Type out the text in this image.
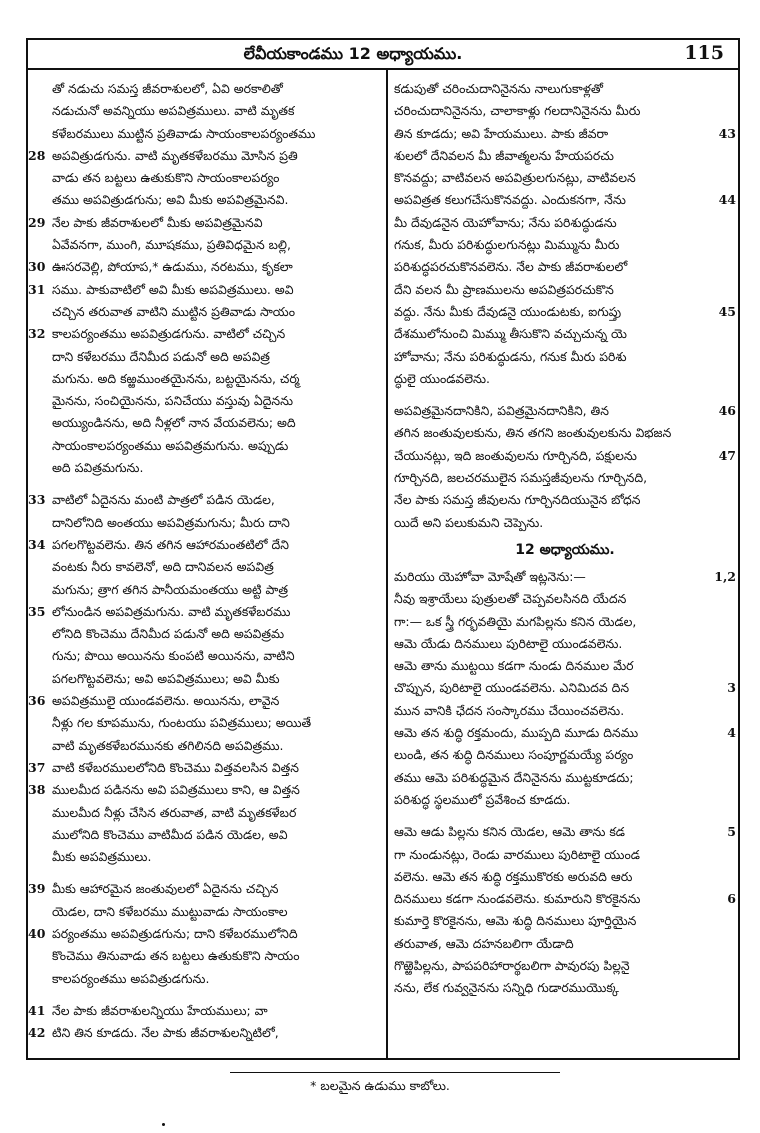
లేవీయకాండము 12 అధ్యాయము.	115
తో నడుచు సమస్త జీవరాశులలో, ఏవి అరకాలితో
నడుచునో అవన్నియు అపవిత్రములు. వాటి మృతక
కళేబరములు ముట్టిన ప్రతివాడు సాయంకాలపర్యంతము
28 అపవిత్రుడగును. వాటి మృతకళేబరము మోసిన ప్రతి
వాడు తన బట్టలు ఉతుకుకొని సాయంకాలపర్యం
తము అపవిత్రుడగును; అవి మీకు అపవిత్రమైనవి.
29 నేల పాకు జీవరాశులలో మీకు అపవిత్రమైనవి
ఏవేవనగా, ముంగి, మూషకము, ప్రతివిధమైన బల్లి,
30 ఊసరవెల్లి, పోయాప,* ఉడుము, నరటము, కృకలా
31 సము. పాకువాటిలో అవి మీకు అపవిత్రములు. అవి
చచ్చిన తరువాత వాటిని ముట్టిన ప్రతివాడు సాయం
32 కాలపర్యంతము అపవిత్రుడగును. వాటిలో చచ్చిన
దాని కళేబరము దేనిమీద పడునో అది అపవిత్ర
మగును. అది కఱ్ఱముంతయైనను, బట్టయైనను, చర్మ
మైనను, సంచియైనను, పనిచేయు వస్తువు ఏదైనను
అయ్యుండినను, అది నీళ్లలో నాన వేయవలెను; అది
సాయంకాలపర్యంతము అపవిత్రమగును. అప్పుడు
అది పవిత్రమగును.
33 వాటిలో ఏదైనను మంటి పాత్రలో పడిన యెడల,
దానిలోనిది అంతయు అపవిత్రమగును; మీరు దాని
34 పగలగొట్టవలెను. తిన తగిన ఆహారమంతటిలో దేని
వంటకు నీరు కావలెనో, అది దానివలన అపవిత్ర
మగును; త్రాగ తగిన పానీయమంతయు అట్టి పాత్ర
35 లోనుండిన అపవిత్రమగును. వాటి మృతకళేబరము
లోనిది కొంచెము దేనిమీద పడునో అది అపవిత్రమ
గును; పొయి అయినను కుంపటి అయినను, వాటిని
పగలగొట్టవలెను; అవి అపవిత్రములు; అవి మీకు
36 అపవిత్రములై యుండవలెను. అయినను, లావైన
నీళ్లు గల కూపమును, గుంటయు పవిత్రములు; అయితే
వాటి మృతకళేబరమునకు తగిలినది అపవిత్రము.
37 వాటి కళేబరములలోనిది కొంచెము విత్తవలసిన విత్తన
38 ములమీద పడినను అవి పవిత్రములు కాని, ఆ విత్తన
ములమీద నీళ్లు చేసిన తరువాత, వాటి మృతకళేబర
ములోనిది కొంచెము వాటిమీద పడిన యెడల, అవి
మీకు అపవిత్రములు.
39 మీకు ఆహారమైన జంతువులలో ఏదైనను చచ్చిన
యెడల, దాని కళేబరము ముట్టువాడు సాయంకాల
40 పర్యంతము అపవిత్రుడగును; దాని కళేబరములోనిది
కొంచెము తినువాడు తన బట్టలు ఉతుకుకొని సాయం
కాలపర్యంతము అపవిత్రుడగును.
41 నేల పాకు జీవరాశులన్నియు హేయములు; వా
42 టిని తిన కూడదు. నేల పాకు జీవరాశులన్నిటిలో,
కడుపుతో చరించుదానినైనను నాలుగుకాళ్లతో
చరించుదానినైనను, చాలాకాళ్లు గలదానినైనను మీరు
తిన కూడదు; అవి హేయములు. పాకు జీవరా	43
శులలో దేనివలన మీ జీవాత్మలను హేయపరచు
కొనవద్దు; వాటివలన అపవిత్రులగునట్లు, వాటివలన
అపవిత్రత కలుగచేసుకొనవద్దు. ఎందుకనగా, నేను	44
మీ దేవుడనైన యెహోవాను; నేను పరిశుద్ధుడను
గనుక, మీరు పరిశుద్ధులగునట్లు మిమ్మును మీరు
పరిశుద్ధపరచుకొనవలెను. నేల పాకు జీవరాశులలో
దేని వలన మీ ప్రాణములను అపవిత్రపరచుకొన
వద్దు. నేను మీకు దేవుడనై యుండుటకు, ఐగుప్తు	45
దేశములోనుంచి మిమ్ము తీసుకొని వచ్చుచున్న యె
హోవాను; నేను పరిశుద్ధుడను, గనుక మీరు పరిశు
ద్ధులై యుండవలెను.
అపవిత్రమైనదానికిని, పవిత్రమైనదానికిని, తిన	46
తగిన జంతువులకును, తిన తగని జంతువులకును విభజన
చేయునట్లు, ఇది జంతువులను గూర్చినది, పక్షులను	47
గూర్చినది, జలచరములైన సమస్తజీవులను గూర్చినది,
నేల పాకు సమస్త జీవులను గూర్చినదియునైన బోధన
యిదే అని పలుకుమని చెప్పెను.
12 అధ్యాయము.
మరియు యెహోవా మోషేతో ఇట్లనెను:—	1,2
నీవు ఇశ్రాయేలు పుత్రులతో చెప్పవలసినది యేదన
గా:— ఒక స్త్రీ గర్భవతియై మగపిల్లను కనిన యెడల,
ఆమె యేడు దినములు పురిటాలై యుండవలెను.
ఆమె తాను ముట్టయి కడగా నుండు దినముల మేర
చొప్పున, పురిటాలై యుండవలెను. ఎనిమిదవ దిన	3
మున వానికి ఛేదన సంస్కారము చేయించవలెను.
ఆమె తన శుద్ధి రక్తమందు, ముప్పది మూడు దినము	4
లుండి, తన శుద్ధి దినములు సంపూర్ణమయ్యే పర్యం
తము ఆమె పరిశుద్ధమైన దేనినైనను ముట్టకూడదు;
పరిశుద్ధ స్థలములో ప్రవేశించ కూడదు.
ఆమె ఆడు పిల్లను కనిన యెడల, ఆమె తాను కడ	5
గా నుండునట్లు, రెండు వారములు పురిటాలై యుండ
వలెను. ఆమె తన శుద్ధి రక్తముకొరకు అరువది ఆరు
దినములు కడగా నుండవలెను. కుమారుని కొరకైనను	6
కుమార్తె కొరకైనను, ఆమె శుద్ధి దినములు పూర్తియైన
తరువాత, ఆమె దహనబలిగా యేడాది
గొఱ్ఱెపిల్లను, పాపపరిహారార్థబలిగా పావురపు పిల్లనై
నను, లేక గువ్వనైనను సన్నిధి గుడారముయొక్క
* బలమైన ఉడుము కాబోలు.
